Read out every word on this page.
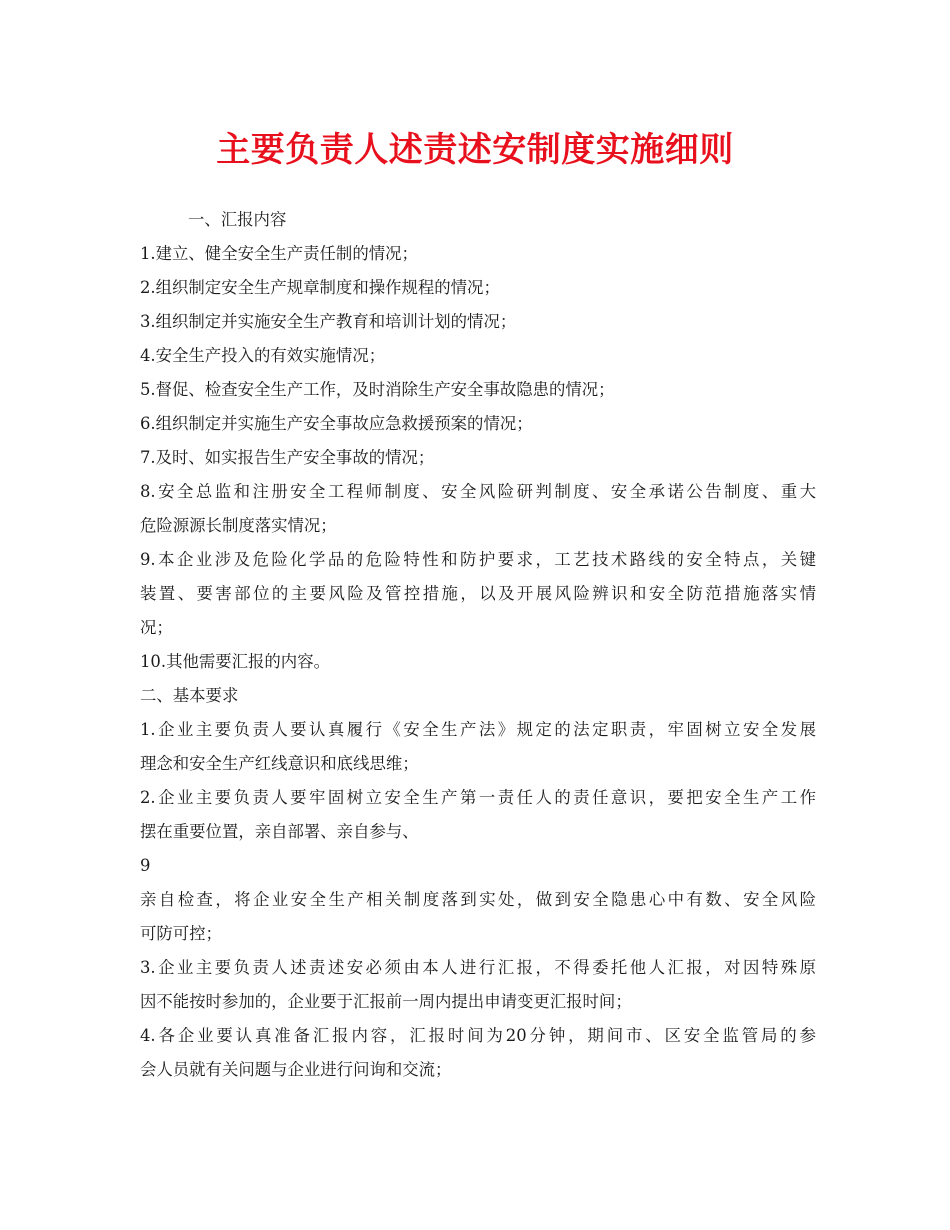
主要负责人述责述安制度实施细则
一、汇报内容
1.建立、健全安全生产责任制的情况；
2.组织制定安全生产规章制度和操作规程的情况；
3.组织制定并实施安全生产教育和培训计划的情况；
4.安全生产投入的有效实施情况；
5.督促、检查安全生产工作，及时消除生产安全事故隐患的情况；
6.组织制定并实施生产安全事故应急救援预案的情况；
7.及时、如实报告生产安全事故的情况；
8.安全总监和注册安全工程师制度、安全风险研判制度、安全承诺公告制度、重大
危险源源长制度落实情况；
9.本企业涉及危险化学品的危险特性和防护要求，工艺技术路线的安全特点，关键
装置、要害部位的主要风险及管控措施，以及开展风险辨识和安全防范措施落实情
况；
10.其他需要汇报的内容。
二、基本要求
1.企业主要负责人要认真履行《安全生产法》规定的法定职责，牢固树立安全发展
理念和安全生产红线意识和底线思维；
2.企业主要负责人要牢固树立安全生产第一责任人的责任意识，要把安全生产工作
摆在重要位置，亲自部署、亲自参与、
9
亲自检查，将企业安全生产相关制度落到实处，做到安全隐患心中有数、安全风险
可防可控；
3.企业主要负责人述责述安必须由本人进行汇报，不得委托他人汇报，对因特殊原
因不能按时参加的，企业要于汇报前一周内提出申请变更汇报时间；
4.各企业要认真准备汇报内容，汇报时间为20分钟，期间市、区安全监管局的参
会人员就有关问题与企业进行问询和交流；
